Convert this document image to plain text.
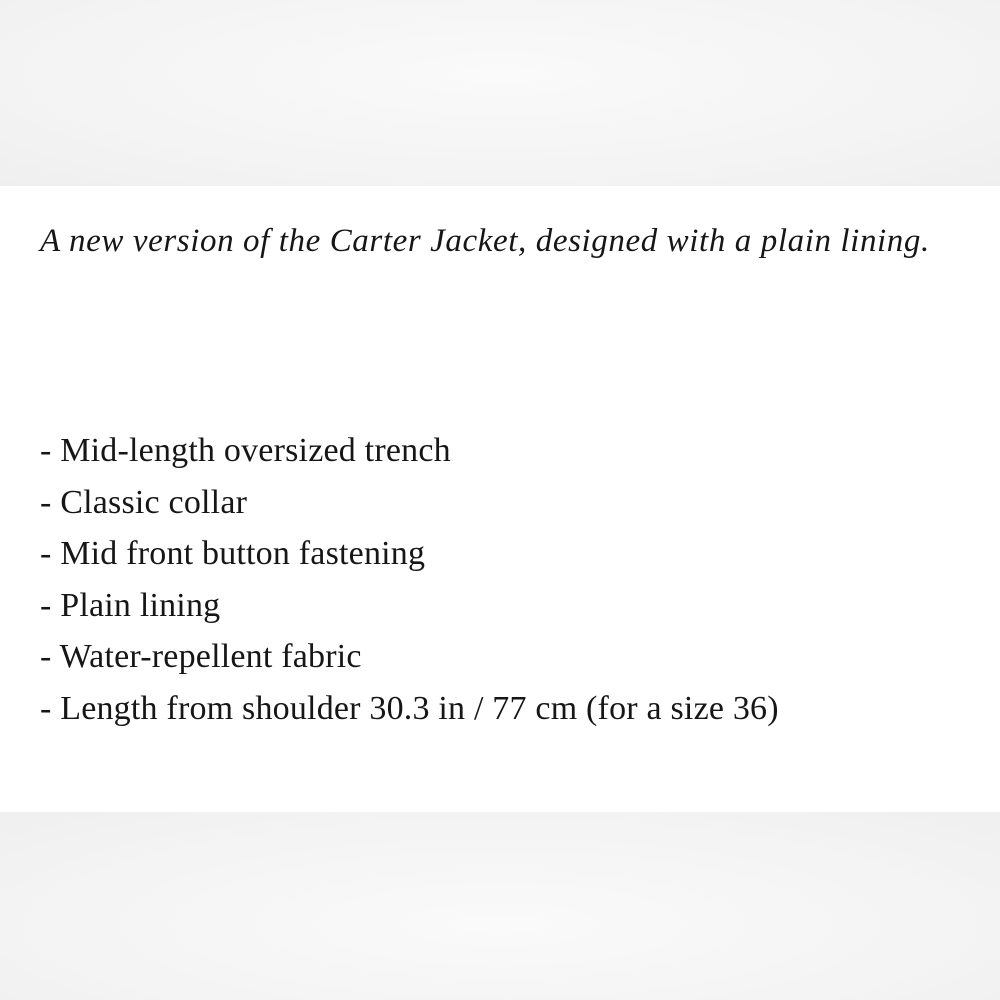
A new version of the Carter Jacket, designed with a plain lining.

- Mid-length oversized trench
- Classic collar
- Mid front button fastening
- Plain lining
- Water-repellent fabric
- Length from shoulder 30.3 in / 77 cm (for a size 36)
